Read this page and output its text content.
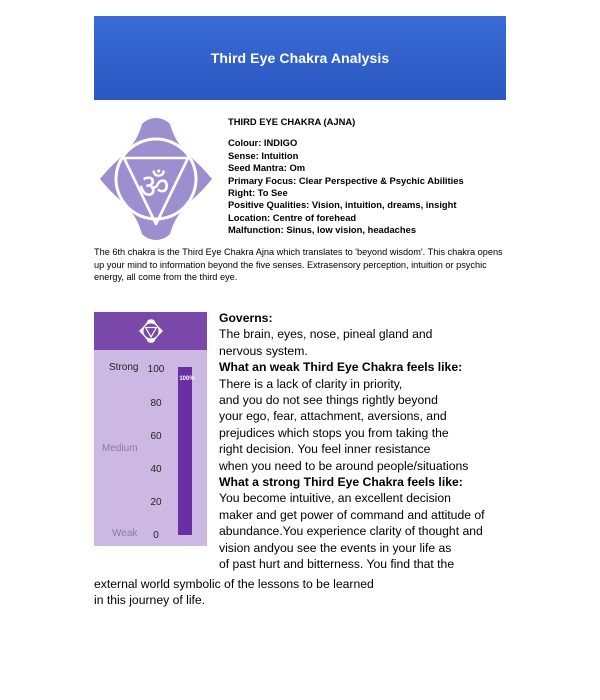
Third Eye Chakra Analysis
ॐ
THIRD EYE CHAKRA (AJNA)
Colour: INDIGO
Sense: Intuition
Seed Mantra: Om
Primary Focus: Clear Perspective & Psychic Abilities
Right: To See
Positive Qualities: Vision, intuition, dreams, insight
Location: Centre of forehead
Malfunction: Sinus, low vision, headaches
The 6th chakra is the Third Eye Chakra Ajna which translates to 'beyond wisdom'. This chakra opens up your mind to information beyond the five senses. Extrasensory perception, intuition or psychic energy, all come from the third eye.
Strong
Medium
Weak
100
80
60
40
20
0
100%
Governs:
The brain, eyes, nose, pineal gland and
nervous system.
What an weak Third Eye Chakra feels like:
There is a lack of clarity in priority,
and you do not see things rightly beyond
your ego, fear, attachment, aversions, and
prejudices which stops you from taking the
right decision. You feel inner resistance
when you need to be around people/situations
What a strong Third Eye Chakra feels like:
You become intuitive, an excellent decision
maker and get power of command and attitude of
abundance.You experience clarity of thought and
vision andyou see the events in your life as
of past hurt and bitterness. You find that the
external world symbolic of the lessons to be learned
in this journey of life.
